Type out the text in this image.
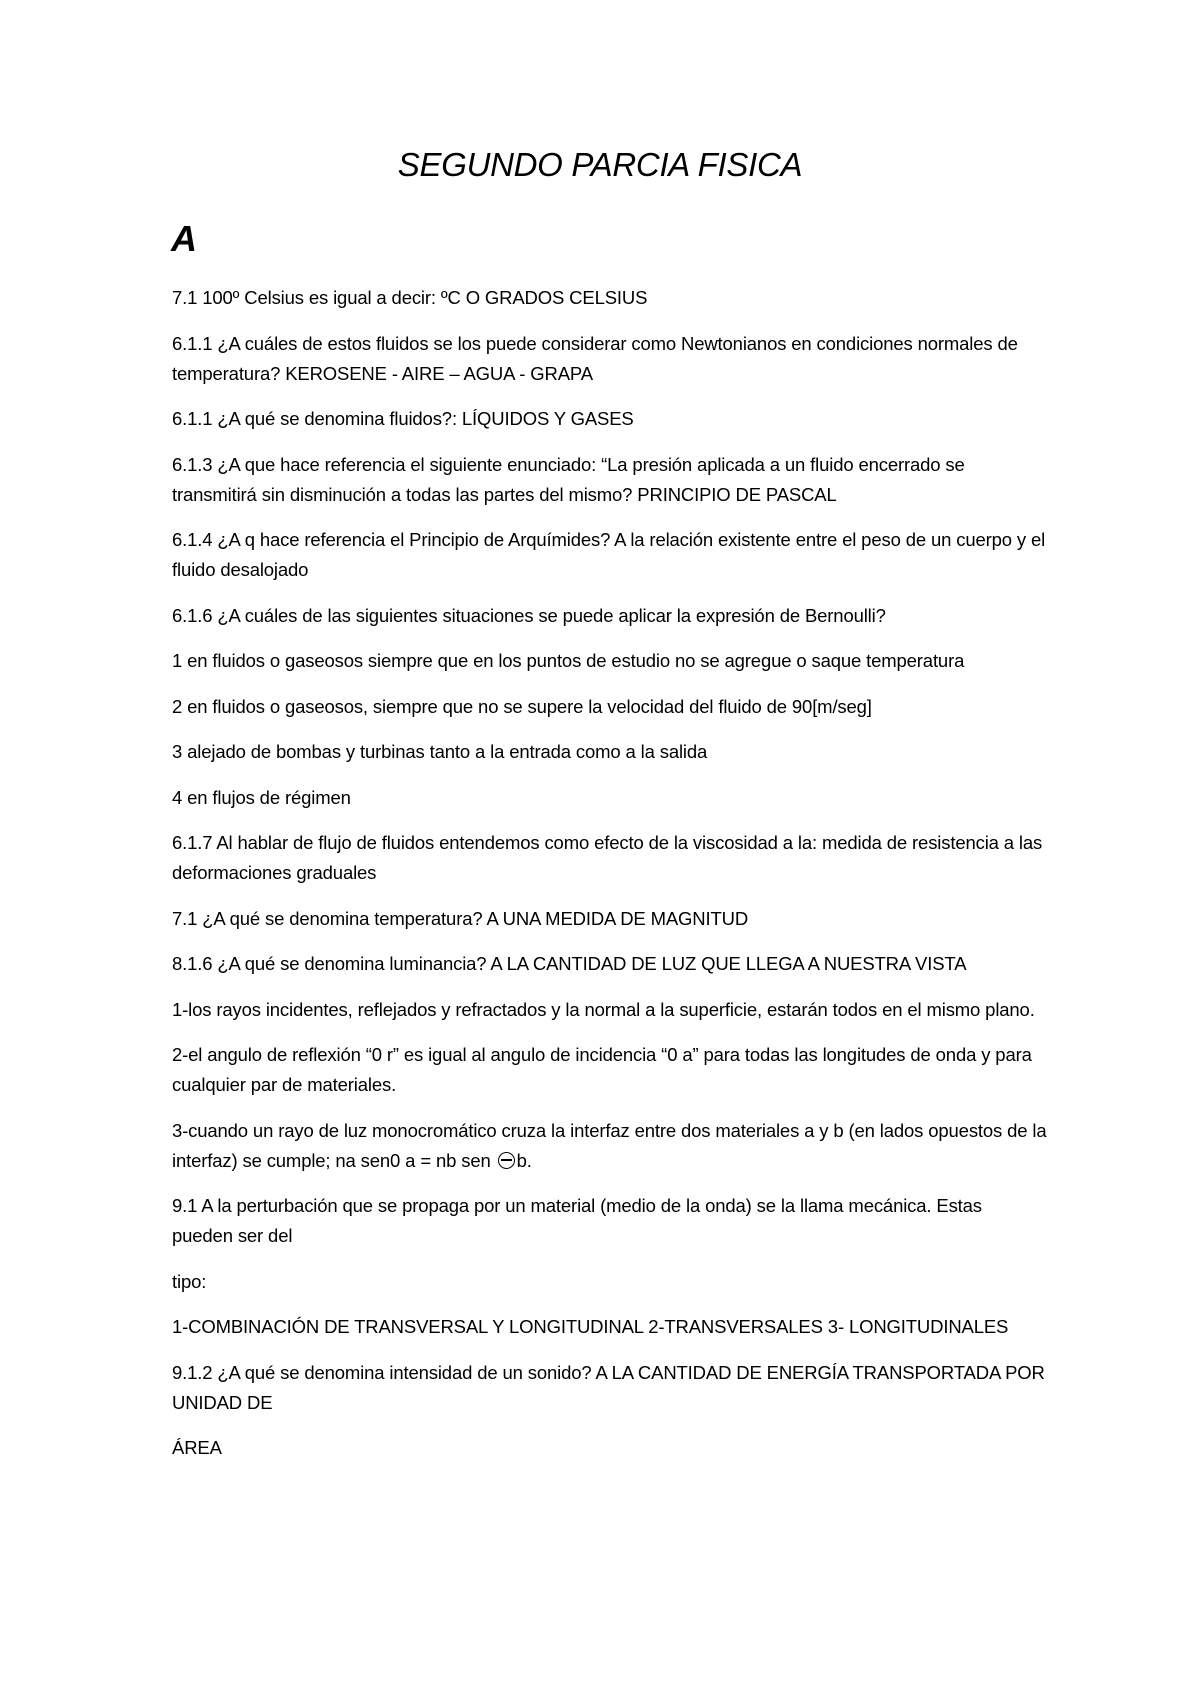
SEGUNDO PARCIA FISICA
A

7.1 100º Celsius es igual a decir: ºC O GRADOS CELSIUS

6.1.1 ¿A cuáles de estos fluidos se los puede considerar como Newtonianos en condiciones normales de temperatura? KEROSENE - AIRE – AGUA - GRAPA

6.1.1 ¿A qué se denomina fluidos?: LÍQUIDOS Y GASES

6.1.3 ¿A que hace referencia el siguiente enunciado: “La presión aplicada a un fluido encerrado se transmitirá sin disminución a todas las partes del mismo? PRINCIPIO DE PASCAL

6.1.4 ¿A q hace referencia el Principio de Arquímides? A la relación existente entre el peso de un cuerpo y el fluido desalojado

6.1.6 ¿A cuáles de las siguientes situaciones se puede aplicar la expresión de Bernoulli?

1 en fluidos o gaseosos siempre que en los puntos de estudio no se agregue o saque temperatura

2 en fluidos o gaseosos, siempre que no se supere la velocidad del fluido de 90[m/seg]

3 alejado de bombas y turbinas tanto a la entrada como a la salida

4 en flujos de régimen

6.1.7 Al hablar de flujo de fluidos entendemos como efecto de la viscosidad a la: medida de resistencia a las deformaciones graduales

7.1 ¿A qué se denomina temperatura? A UNA MEDIDA DE MAGNITUD

8.1.6 ¿A qué se denomina luminancia? A LA CANTIDAD DE LUZ QUE LLEGA A NUESTRA VISTA

1-los rayos incidentes, reflejados y refractados y la normal a la superficie, estarán todos en el mismo plano.

2-el angulo de reflexión “0 r” es igual al angulo de incidencia “0 a” para todas las longitudes de onda y para cualquier par de materiales.

3-cuando un rayo de luz monocromático cruza la interfaz entre dos materiales a y b (en lados opuestos de la interfaz) se cumple; na sen0 a = nb sen b.

9.1 A la perturbación que se propaga por un material (medio de la onda) se la llama mecánica. Estas pueden ser del

tipo:

1-COMBINACIÓN DE TRANSVERSAL Y LONGITUDINAL 2-TRANSVERSALES 3- LONGITUDINALES

9.1.2 ¿A qué se denomina intensidad de un sonido? A LA CANTIDAD DE ENERGÍA TRANSPORTADA POR UNIDAD DE

ÁREA
